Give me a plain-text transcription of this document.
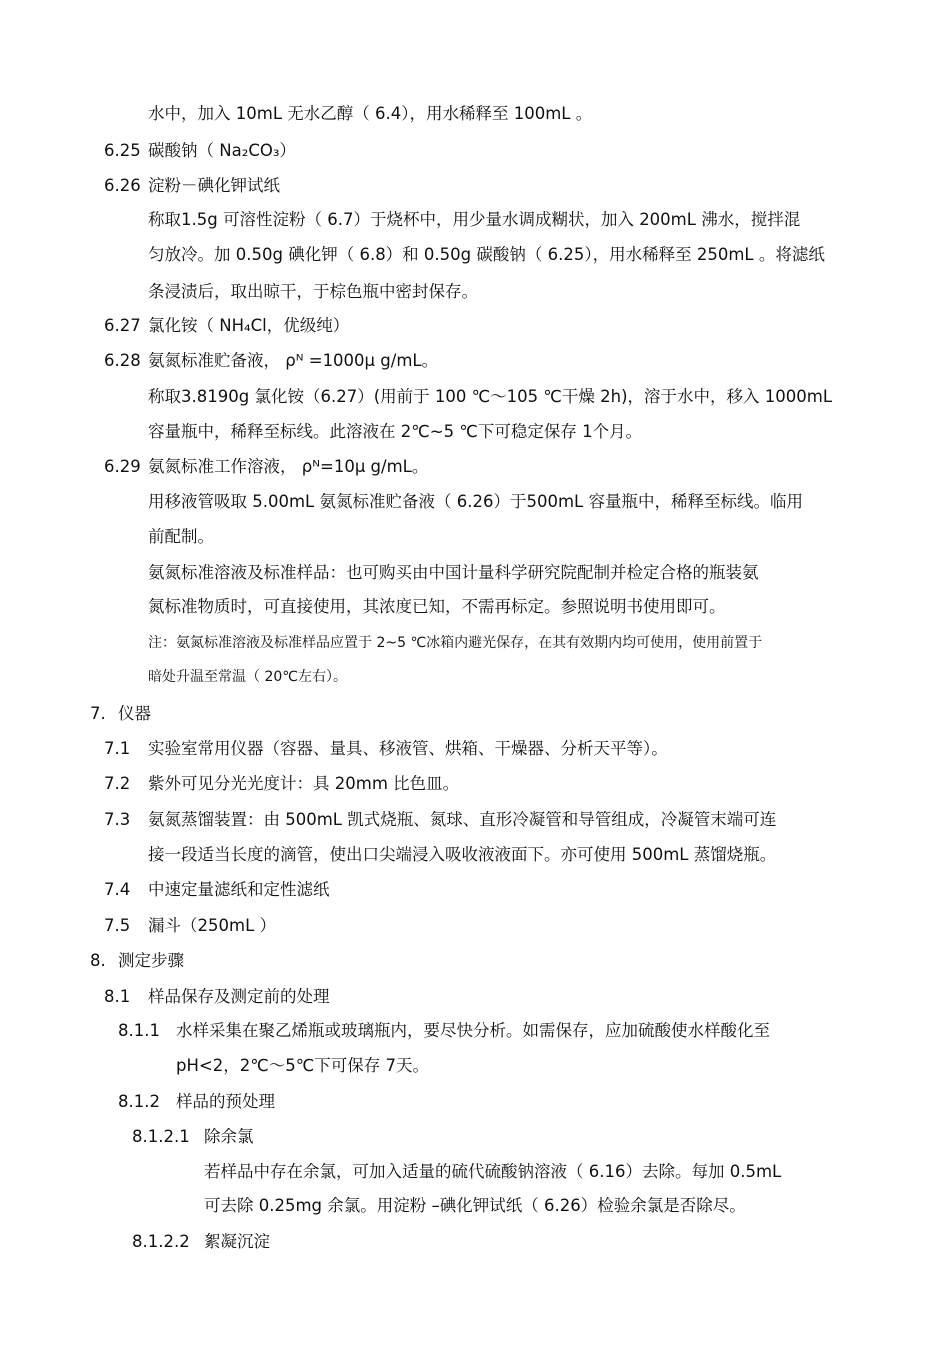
水中，加入 10mL 无水乙醇（ 6.4），用水稀释至 100mL 。
6.25 碳酸钠（ Na₂CO₃）
6.26 淀粉－碘化钾试纸
称取1.5g 可溶性淀粉（ 6.7）于烧杯中，用少量水调成糊状，加入 200mL 沸水，搅拌混
匀放冷。加 0.50g 碘化钾（ 6.8）和 0.50g 碳酸钠（ 6.25），用水稀释至 250mL 。将滤纸
条浸渍后，取出晾干，于棕色瓶中密封保存。
6.27 氯化铵（ NH₄Cl，优级纯）
6.28 氨氮标准贮备液， ρᴺ =1000μ g/mL。
称取3.8190g 氯化铵（6.27）(用前于 100 ℃～105 ℃干燥 2h)，溶于水中，移入 1000mL
容量瓶中，稀释至标线。此溶液在 2℃~5 ℃下可稳定保存 1个月。
6.29 氨氮标准工作溶液， ρᴺ=10μ g/mL。
用移液管吸取 5.00mL 氨氮标准贮备液（ 6.26）于500mL 容量瓶中，稀释至标线。临用
前配制。
氨氮标准溶液及标准样品：也可购买由中国计量科学研究院配制并检定合格的瓶装氨
氮标准物质时，可直接使用，其浓度已知，不需再标定。参照说明书使用即可。
注：氨氮标准溶液及标准样品应置于 2~5 ℃冰箱内避光保存，在其有效期内均可使用，使用前置于
暗处升温至常温（ 20℃左右）。
7. 仪器
7.1 实验室常用仪器（容器、量具、移液管、烘箱、干燥器、分析天平等）。
7.2 紫外可见分光光度计：具 20mm 比色皿。
7.3 氨氮蒸馏装置：由 500mL 凯式烧瓶、氮球、直形冷凝管和导管组成，冷凝管末端可连
接一段适当长度的滴管，使出口尖端浸入吸收液液面下。亦可使用 500mL 蒸馏烧瓶。
7.4 中速定量滤纸和定性滤纸
7.5 漏斗（250mL ）
8. 测定步骤
8.1 样品保存及测定前的处理
8.1.1 水样采集在聚乙烯瓶或玻璃瓶内，要尽快分析。如需保存，应加硫酸使水样酸化至
pH<2，2℃～5℃下可保存 7天。
8.1.2 样品的预处理
8.1.2.1 除余氯
若样品中存在余氯，可加入适量的硫代硫酸钠溶液（ 6.16）去除。每加 0.5mL
可去除 0.25mg 余氯。用淀粉 –碘化钾试纸（ 6.26）检验余氯是否除尽。
8.1.2.2 絮凝沉淀
